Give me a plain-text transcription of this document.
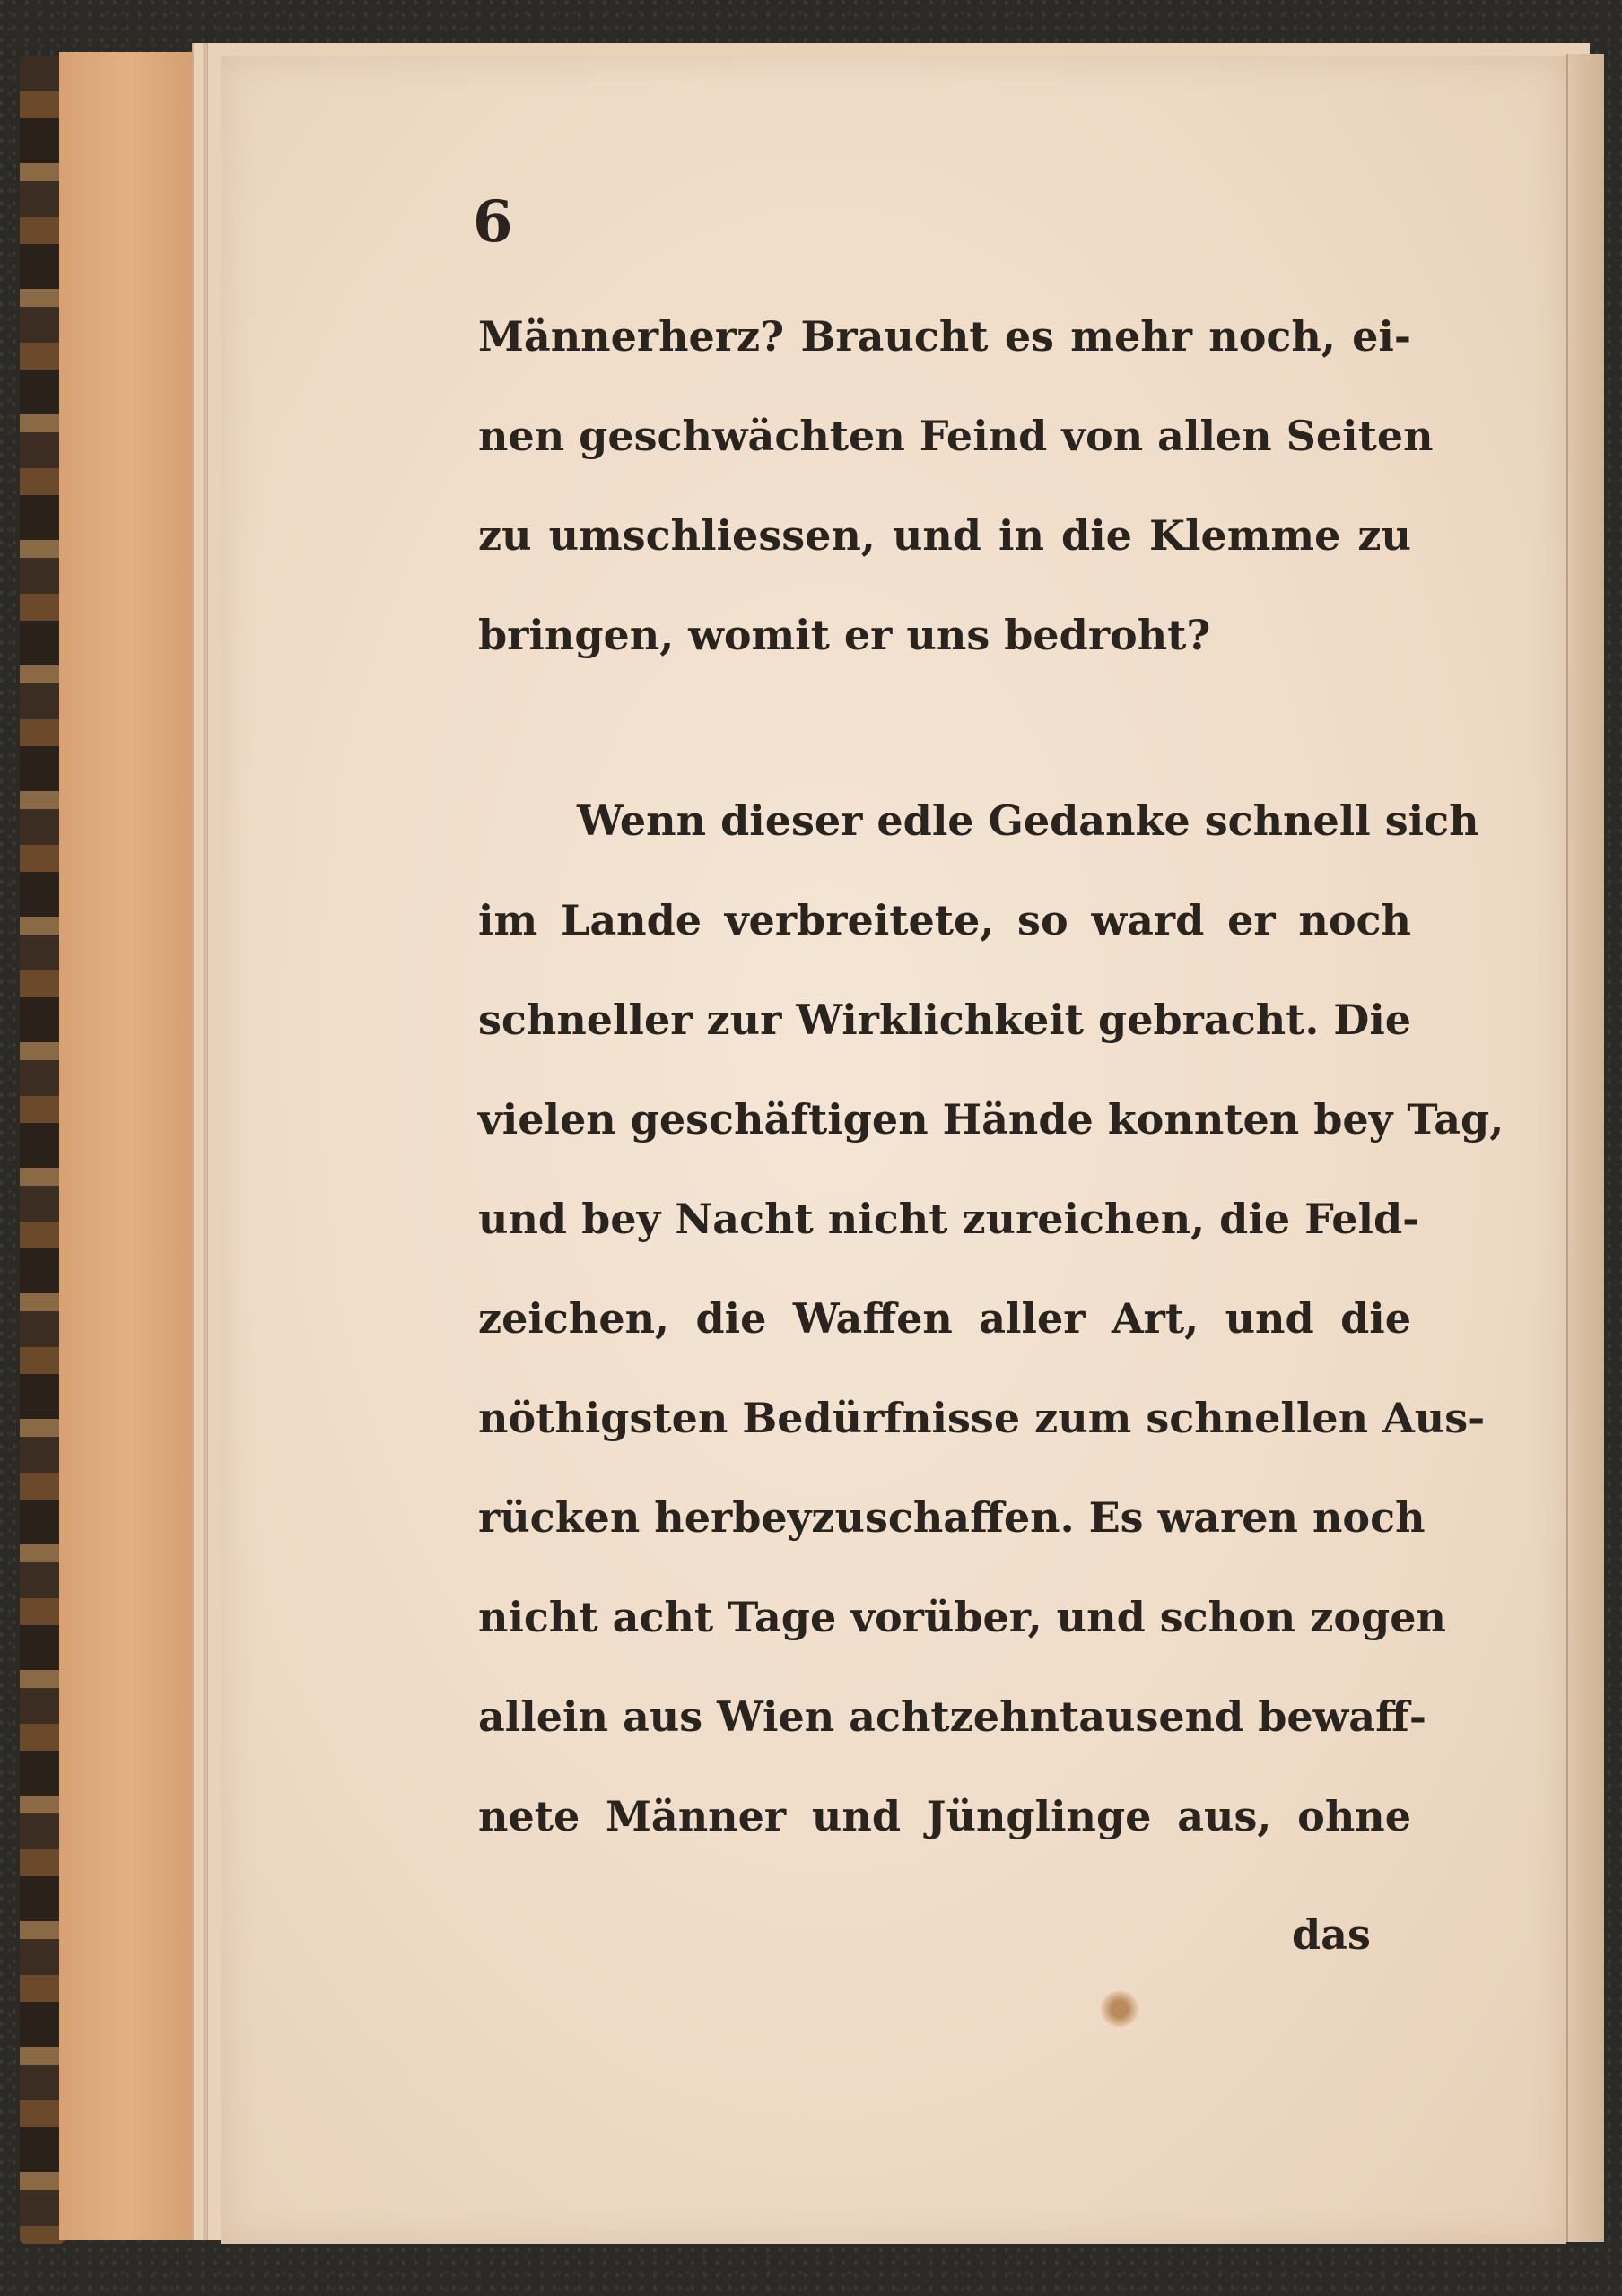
6
Männerherz? Braucht es mehr noch, ei-
nen geschwächten Feind von allen Seiten
zu umschliessen, und in die Klemme zu
bringen, womit er uns bedroht?
Wenn dieser edle Gedanke schnell sich
im Lande verbreitete, so ward er noch
schneller zur Wirklichkeit gebracht. Die
vielen geschäftigen Hände konnten bey Tag,
und bey Nacht nicht zureichen, die Feld-
zeichen, die Waffen aller Art, und die
nöthigsten Bedürfnisse zum schnellen Aus-
rücken herbeyzuschaffen. Es waren noch
nicht acht Tage vorüber, und schon zogen
allein aus Wien achtzehntausend bewaff-
nete Männer und Jünglinge aus, ohne
das
